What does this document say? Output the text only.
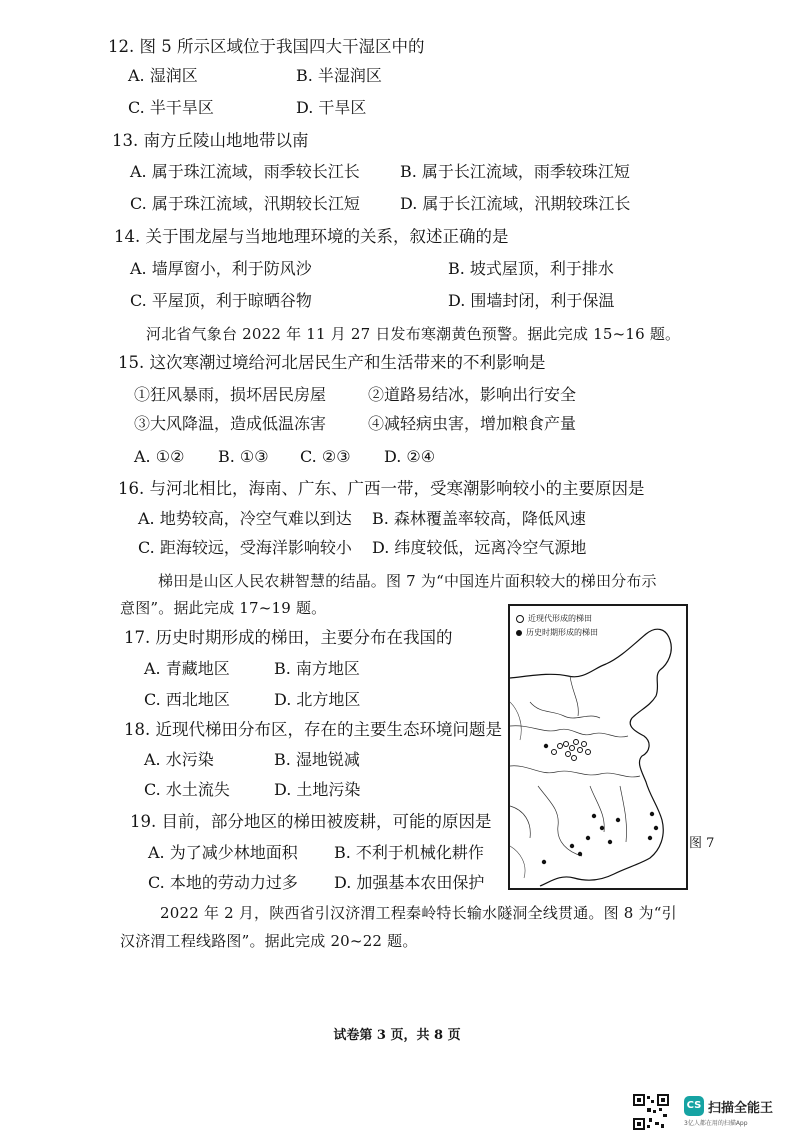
12. 图 5 所示区域位于我国四大干湿区中的
A. 湿润区	B. 半湿润区
C. 半干旱区	D. 干旱区
13. 南方丘陵山地地带以南
A. 属于珠江流域，雨季较长江长	B. 属于长江流域，雨季较珠江短
C. 属于珠江流域，汛期较长江短	D. 属于长江流域，汛期较珠江长
14. 关于围龙屋与当地地理环境的关系，叙述正确的是
A. 墙厚窗小，利于防风沙	B. 坡式屋顶，利于排水
C. 平屋顶，利于晾晒谷物	D. 围墙封闭，利于保温
河北省气象台 2022 年 11 月 27 日发布寒潮黄色预警。据此完成 15~16 题。
15. 这次寒潮过境给河北居民生产和生活带来的不利影响是
①狂风暴雨，损坏居民房屋	②道路易结冰，影响出行安全
③大风降温，造成低温冻害	④减轻病虫害，增加粮食产量
A. ①② B. ①③ C. ②③ D. ②④
16. 与河北相比，海南、广东、广西一带，受寒潮影响较小的主要原因是
A. 地势较高，冷空气难以到达 B. 森林覆盖率较高，降低风速
C. 距海较远，受海洋影响较小 D. 纬度较低，远离冷空气源地
梯田是山区人民农耕智慧的结晶。图 7 为“中国连片面积较大的梯田分布示
意图”。据此完成 17~19 题。
17. 历史时期形成的梯田，主要分布在我国的
A. 青藏地区	B. 南方地区
C. 西北地区	D. 北方地区
18. 近现代梯田分布区，存在的主要生态环境问题是
A. 水污染	B. 湿地锐减
C. 水土流失	D. 土地污染
19. 目前，部分地区的梯田被废耕，可能的原因是
A. 为了减少林地面积 B. 不利于机械化耕作
C. 本地的劳动力过多 D. 加强基本农田保护
近现代形成的梯田
历史时期形成的梯田
图 7
2022 年 2 月，陕西省引汉济渭工程秦岭特长输水隧洞全线贯通。图 8 为“引
汉济渭工程线路图”。据此完成 20~22 题。
试卷第 3 页，共 8 页
CS 扫描全能王
3亿人都在用的扫描App
